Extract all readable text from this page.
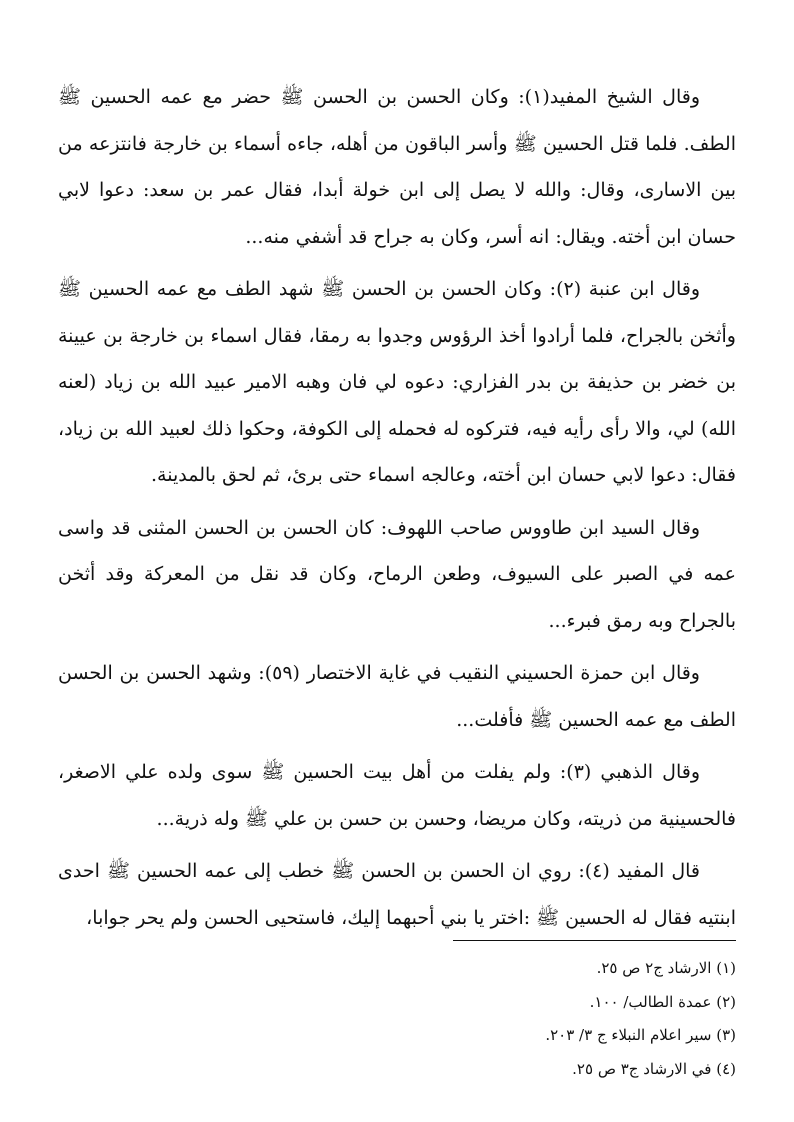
وقال الشيخ المفيد(١): وكان الحسن بن الحسن ﷺ حضر مع عمه الحسين ﷺ الطف. فلما قتل الحسين ﷺ وأسر الباقون من أهله، جاءه أسماء بن خارجة فانتزعه من بين الاسارى، وقال: والله لا يصل إلى ابن خولة أبدا، فقال عمر بن سعد: دعوا لابي حسان ابن أخته. ويقال: انه أسر، وكان به جراح قد أشفي منه...

وقال ابن عنبة (٢): وكان الحسن بن الحسن ﷺ شهد الطف مع عمه الحسين ﷺ وأثخن بالجراح، فلما أرادوا أخذ الرؤوس وجدوا به رمقا، فقال اسماء بن خارجة بن عيينة بن خضر بن حذيفة بن بدر الفزاري: دعوه لي فان وهبه الامير عبيد الله بن زياد (لعنه الله) لي، والا رأى رأيه فيه، فتركوه له فحمله إلى الكوفة، وحكوا ذلك لعبيد الله بن زياد، فقال: دعوا لابي حسان ابن أخته، وعالجه اسماء حتى برئ، ثم لحق بالمدينة.

وقال السيد ابن طاووس صاحب اللهوف: كان الحسن بن الحسن المثنى قد واسى عمه في الصبر على السيوف، وطعن الرماح، وكان قد نقل من المعركة وقد أثخن بالجراح وبه رمق فبرء...

وقال ابن حمزة الحسيني النقيب في غاية الاختصار (٥٩): وشهد الحسن بن الحسن الطف مع عمه الحسين ﷺ فأفلت...

وقال الذهبي (٣): ولم يفلت من أهل بيت الحسين ﷺ سوى ولده علي الاصغر، فالحسينية من ذريته، وكان مريضا، وحسن بن حسن بن علي ﷺ وله ذرية...

قال المفيد (٤): روي ان الحسن بن الحسن ﷺ خطب إلى عمه الحسين ﷺ احدى ابنتيه فقال له الحسين ﷺ :اختر يا بني أحبهما إليك، فاستحيى الحسن ولم يحر جوابا،

(١) الارشاد ج٢ ص ٢٥.
(٢) عمدة الطالب/ ١٠٠.
(٣) سير اعلام النبلاء ج ٣/ ٢٠٣.
(٤) في الارشاد ج٣ ص ٢٥.
